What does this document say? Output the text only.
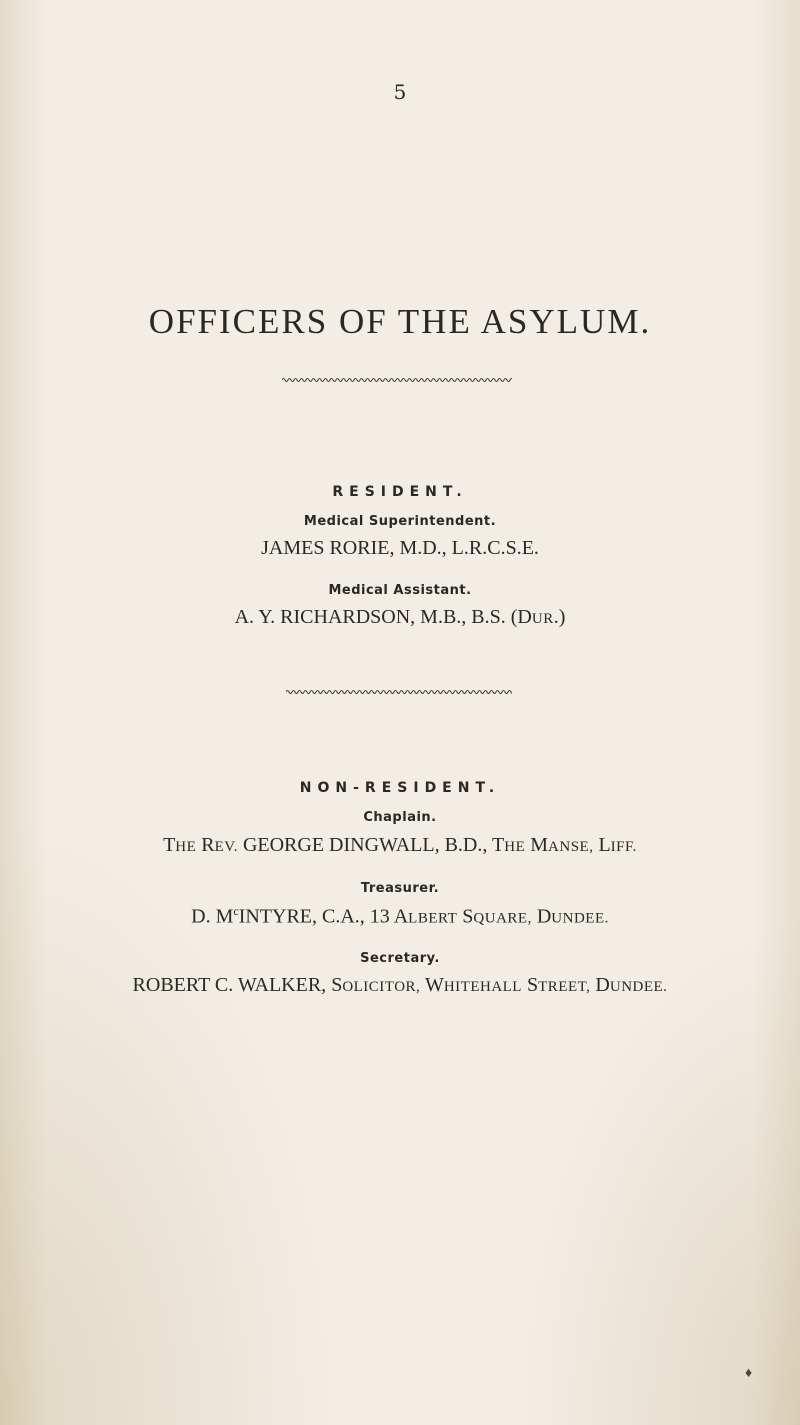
5
OFFICERS OF THE ASYLUM.
RESIDENT.
Medical Superintendent.
JAMES RORIE, M.D., L.R.C.S.E.
Medical Assistant.
A. Y. RICHARDSON, M.B., B.S. (DUR.)
NON-RESIDENT.
Chaplain.
THE REV. GEORGE DINGWALL, B.D., THE MANSE, LIFF.
Treasurer.
D. $M^cINTYRE$, C.A., 13 ALBERT SQUARE, DUNDEE.
Secretary.
ROBERT C. WALKER, SOLICITOR, WHITEHALL STREET, DUNDEE.
♦
